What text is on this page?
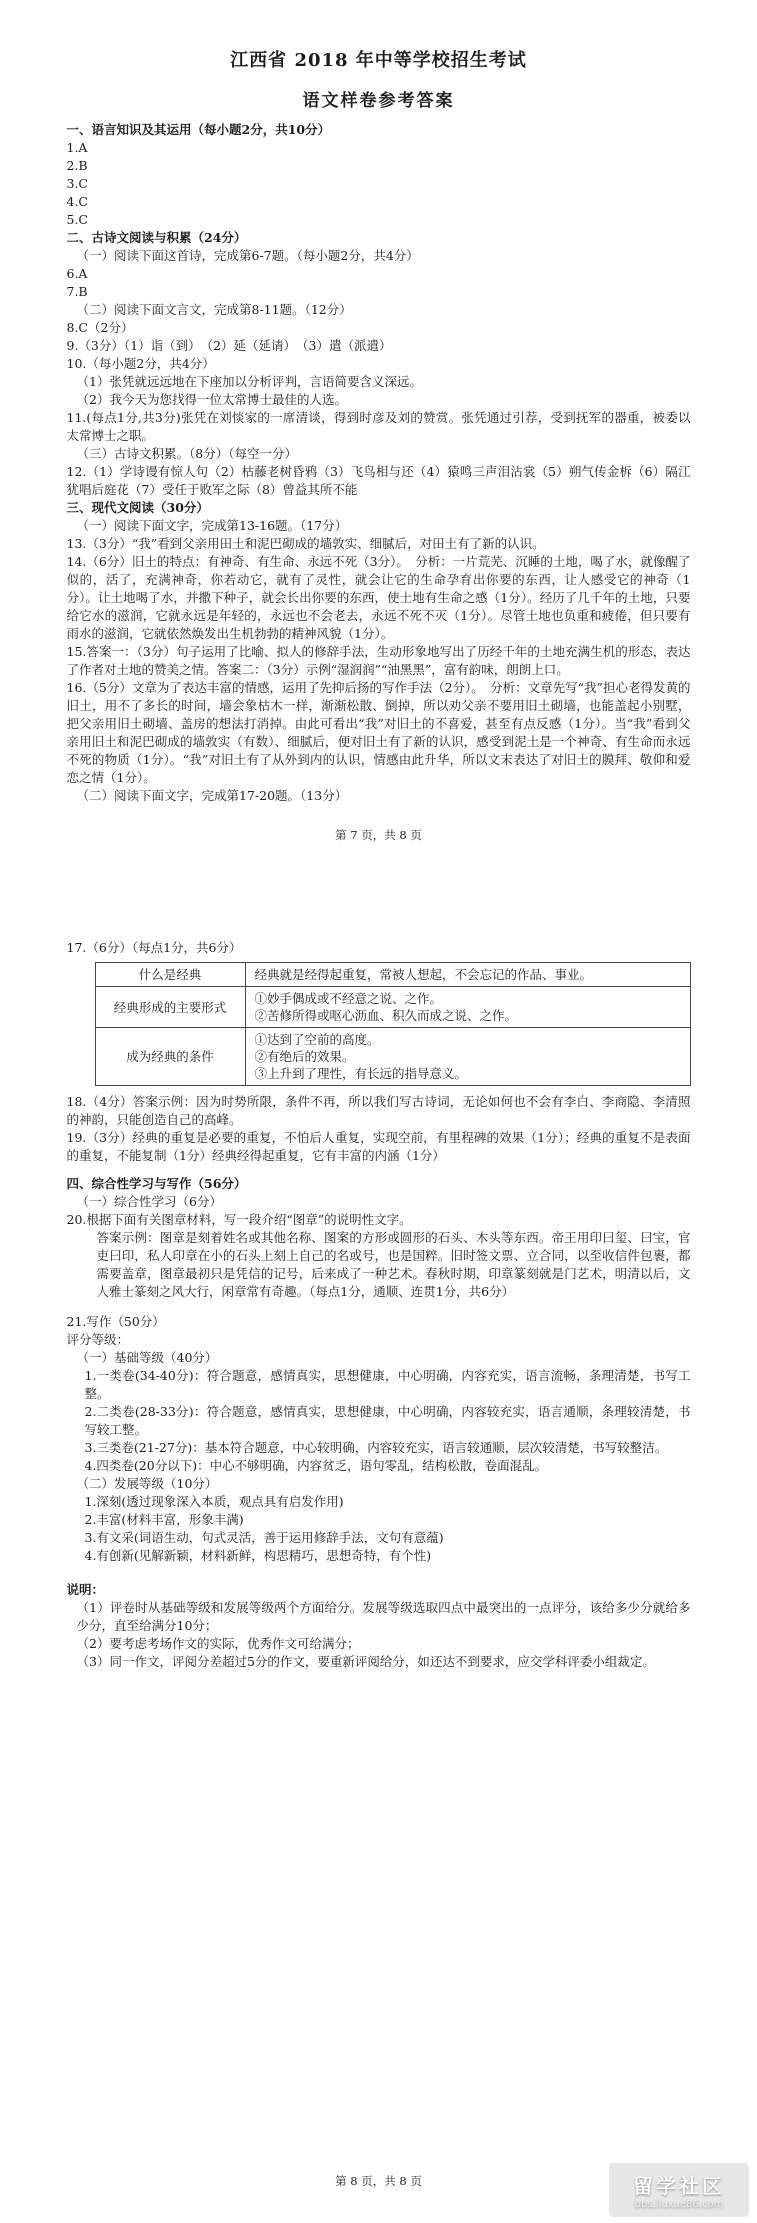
江西省 2018 年中等学校招生考试
语文样卷参考答案
一、语言知识及其运用（每小题2分，共10分）
1.A
2.B
3.C
4.C
5.C
二、古诗文阅读与积累（24分）
（一）阅读下面这首诗，完成第6-7题。（每小题2分，共4分）
6.A
7.B
（二）阅读下面文言文，完成第8-11题。（12分）
8.C（2分）
9.（3分）（1）诣（到）　（2）延（延请）　（3）遣（派遣）
10.（每小题2分，共4分）
（1）张凭就远远地在下座加以分析评判，言语简要含义深远。
（2）我今天为您找得一位太常博士最佳的人选。
11.(每点1分,共3分)张凭在刘惔家的一席清谈，得到时彦及刘的赞赏。张凭通过引荐，受到抚军的器重，被委以太常博士之职。
（三）古诗文积累。（8分）（每空一分）
12.（1）学诗谩有惊人句（2）枯藤老树昏鸦（3）飞鸟相与还（4）猿鸣三声泪沾裳（5）朔气传金柝（6）隔江犹唱后庭花（7）受任于败军之际（8）曾益其所不能
三、现代文阅读（30分）
（一）阅读下面文字，完成第13-16题。（17分）
13.（3分）“我”看到父亲用田土和泥巴砌成的墙敦实、细腻后，对田土有了新的认识。
14.（6分）旧土的特点：有神奇、有生命、永远不死（3分）。　分析：一片荒芜、沉睡的土地，喝了水，就像醒了似的，活了，充满神奇，你若动它，就有了灵性，就会让它的生命孕育出你要的东西，让人感受它的神奇（1分）。让土地喝了水，并撒下种子，就会长出你要的东西，使土地有生命之感（1分）。经历了几千年的土地，只要给它水的滋润，它就永远是年轻的，永远也不会老去，永远不死不灭（1分）。尽管土地也负重和疲倦，但只要有雨水的滋润，它就依然焕发出生机勃勃的精神风貌（1分）。
15.答案一：（3分）句子运用了比喻、拟人的修辞手法，生动形象地写出了历经千年的土地充满生机的形态，表达了作者对土地的赞美之情。答案二：（3分）示例“湿润润”“油黑黑”，富有韵味，朗朗上口。
16.（5分）文章为了表达丰富的情感，运用了先抑后扬的写作手法（2分）。　分析：文章先写“我”担心老得发黄的旧土，用不了多长的时间，墙会象枯木一样，渐渐松散、倒掉，所以劝父亲不要用旧土砌墙，也能盖起小别墅，把父亲用旧土砌墙、盖房的想法打消掉。由此可看出“我”对旧土的不喜爱，甚至有点反感（1分）。当“我”看到父亲用旧土和泥巴砌成的墙敦实（有数）、细腻后，便对旧土有了新的认识，感受到泥土是一个神奇、有生命而永远不死的物质（1分）。“我”对旧土有了从外到内的认识，情感由此升华，所以文末表达了对旧土的膜拜、敬仰和爱恋之情（1分）。
（二）阅读下面文字，完成第17-20题。（13分）
第 7 页，共 8 页
17.（6分）（每点1分，共6分）
什么是经典	经典就是经得起重复，常被人想起，不会忘记的作品、事业。

经典形成的主要形式	①妙手偶成或不经意之说、之作。
②苦修所得或呕心沥血、积久而成之说、之作。

成为经典的条件	①达到了空前的高度。
②有绝后的效果。
③上升到了理性，有长远的指导意义。
18.（4分）答案示例：因为时势所限，条件不再，所以我们写古诗词，无论如何也不会有李白、李商隐、李清照的神韵，只能创造自己的高峰。
19.（3分）经典的重复是必要的重复，不怕后人重复，实现空前，有里程碑的效果（1分）；经典的重复不是表面的重复，不能复制（1分）经典经得起重复，它有丰富的内涵（1分）
四、综合性学习与写作（56分）
（一）综合性学习（6分）
20.根据下面有关图章材料，写一段介绍“图章”的说明性文字。
答案示例：图章是刻着姓名或其他名称、图案的方形或圆形的石头、木头等东西。帝王用印曰玺、曰宝，官吏曰印，私人印章在小的石头上刻上自己的名或号，也是国粹。旧时签文票、立合同，以至收信件包裹，都需要盖章，图章最初只是凭信的记号，后来成了一种艺术。春秋时期，印章篆刻就是门艺术，明清以后，文人雅士篆刻之风大行，闲章常有奇趣。（每点1分，通顺、连贯1分，共6分）
21.写作（50分）
评分等级：
（一）基础等级（40分）
1.一类卷(34-40分)：符合题意，感情真实，思想健康，中心明确，内容充实，语言流畅，条理清楚，书写工整。
2.二类卷(28-33分)：符合题意，感情真实，思想健康，中心明确，内容较充实，语言通顺，条理较清楚，书写较工整。
3.三类卷(21-27分)：基本符合题意，中心较明确，内容较充实，语言较通顺，层次较清楚，书写较整洁。
4.四类卷(20分以下)：中心不够明确，内容贫乏，语句零乱，结构松散，卷面混乱。
（二）发展等级（10分）
1.深刻(透过现象深入本质，观点具有启发作用)
2.丰富(材料丰富，形象丰满)
3.有文采(词语生动，句式灵活，善于运用修辞手法，文句有意蕴)
4.有创新(见解新颖，材料新鲜，构思精巧，思想奇特，有个性)
说明：
（1）评卷时从基础等级和发展等级两个方面给分。发展等级选取四点中最突出的一点评分，该给多少分就给多少分，直至给满分10分；
（2）要考虑考场作文的实际，优秀作文可给满分；
（3）同一作文，评阅分差超过5分的作文，要重新评阅给分，如还达不到要求，应交学科评委小组裁定。
第 8 页，共 8 页	留学社区
bbs.liuxue86.com
